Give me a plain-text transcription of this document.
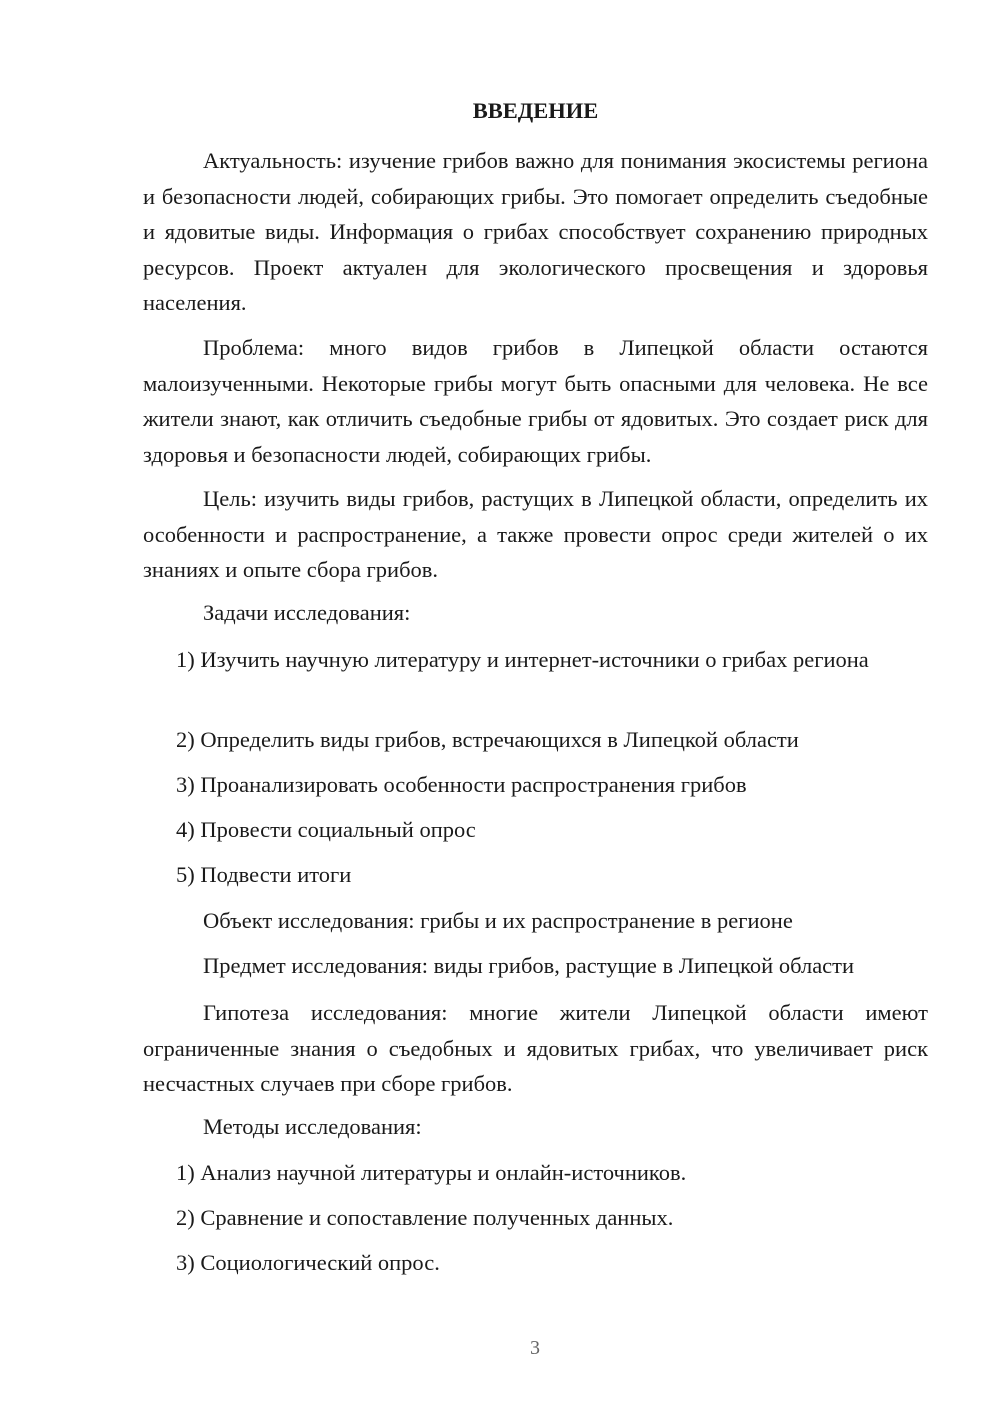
ВВЕДЕНИЕ

Актуальность: изучение грибов важно для понимания экосистемы региона и безопасности людей, собирающих грибы. Это помогает определить съедобные и ядовитые виды. Информация о грибах способствует сохранению природных ресурсов. Проект актуален для экологического просвещения и здоровья населения.

Проблема: много видов грибов в Липецкой области остаются малоизученными. Некоторые грибы могут быть опасными для человека. Не все жители знают, как отличить съедобные грибы от ядовитых. Это создает риск для здоровья и безопасности людей, собирающих грибы.

Цель: изучить виды грибов, растущих в Липецкой области, определить их особенности и распространение, а также провести опрос среди жителей о их знаниях и опыте сбора грибов.

Задачи исследования:

1) Изучить научную литературу и интернет-источники о грибах региона

2) Определить виды грибов, встречающихся в Липецкой области
3) Проанализировать особенности распространения грибов
4) Провести социальный опрос
5) Подвести итоги
Объект исследования: грибы и их распространение в регионе
Предмет исследования: виды грибов, растущие в Липецкой области

Гипотеза исследования: многие жители Липецкой области имеют ограниченные знания о съедобных и ядовитых грибах, что увеличивает риск несчастных случаев при сборе грибов.

Методы исследования:
1) Анализ научной литературы и онлайн-источников.
2) Сравнение и сопоставление полученных данных.
3) Социологический опрос.
3
